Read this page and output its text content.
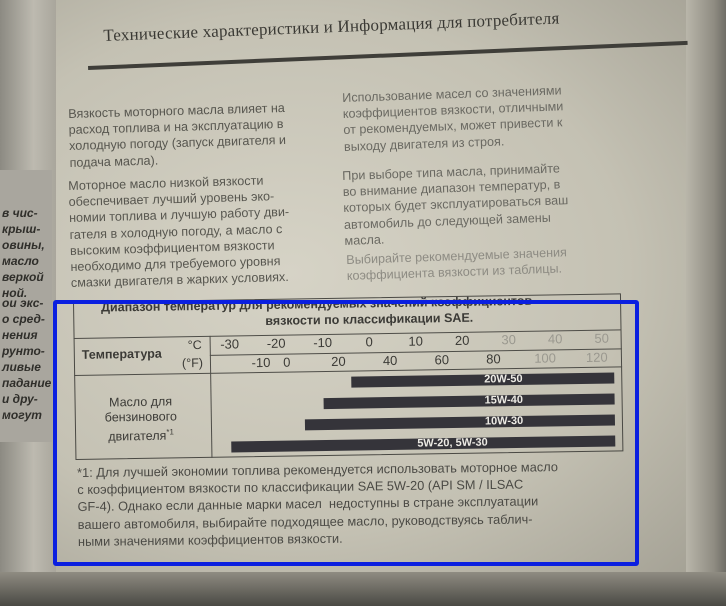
в чис-
крыш-
овины,
масло
веркой
ной.
ои экс-
о сред-
нения
рунто-
ливые
падание
и дру-
могут
Технические характеристики и Информация для потребителя
Вязкость моторного масла влияет на
расход топлива и на эксплуатацию в
холодную погоду (запуск двигателя и
подача масла).
Моторное масло низкой вязкости
обеспечивает лучший уровень эко-
номии топлива и лучшую работу дви-
гателя в холодную погоду, а масло с
высоким коэффициентом вязкости
необходимо для требуемого уровня
смазки двигателя в жарких условиях.
Использование масел со значениями
коэффициентов вязкости, отличными
от рекомендуемых, может привести к
выходу двигателя из строя.
При выборе типа масла, принимайте
во внимание диапазон температур, в
которых будет эксплуатироваться ваш
автомобиль до следующей замены
масла.
Выбирайте рекомендуемые значения
коэффициента вязкости из таблицы.
Диапазон температур для рекомендуемых значений коэффициентов
вязкости по классификации SAE.
Температура
°C
(°F)
-30 -20 -10	0	10 20 30 40 50
-10 0	20	40	60	80	100 120
Масло для бензинового двигателя$^{*1}$
20W-50
15W-40
10W-30
5W-20, 5W-30
*1: Для лучшей экономии топлива рекомендуется использовать моторное масло
с коэффициентом вязкости по классификации SAE 5W-20 (API SM / ILSAC
GF-4). Однако если данные марки масел  недоступны в стране эксплуатации
вашего автомобиля, выбирайте подходящее масло, руководствуясь таблич-
ными значениями коэффициентов вязкости.
